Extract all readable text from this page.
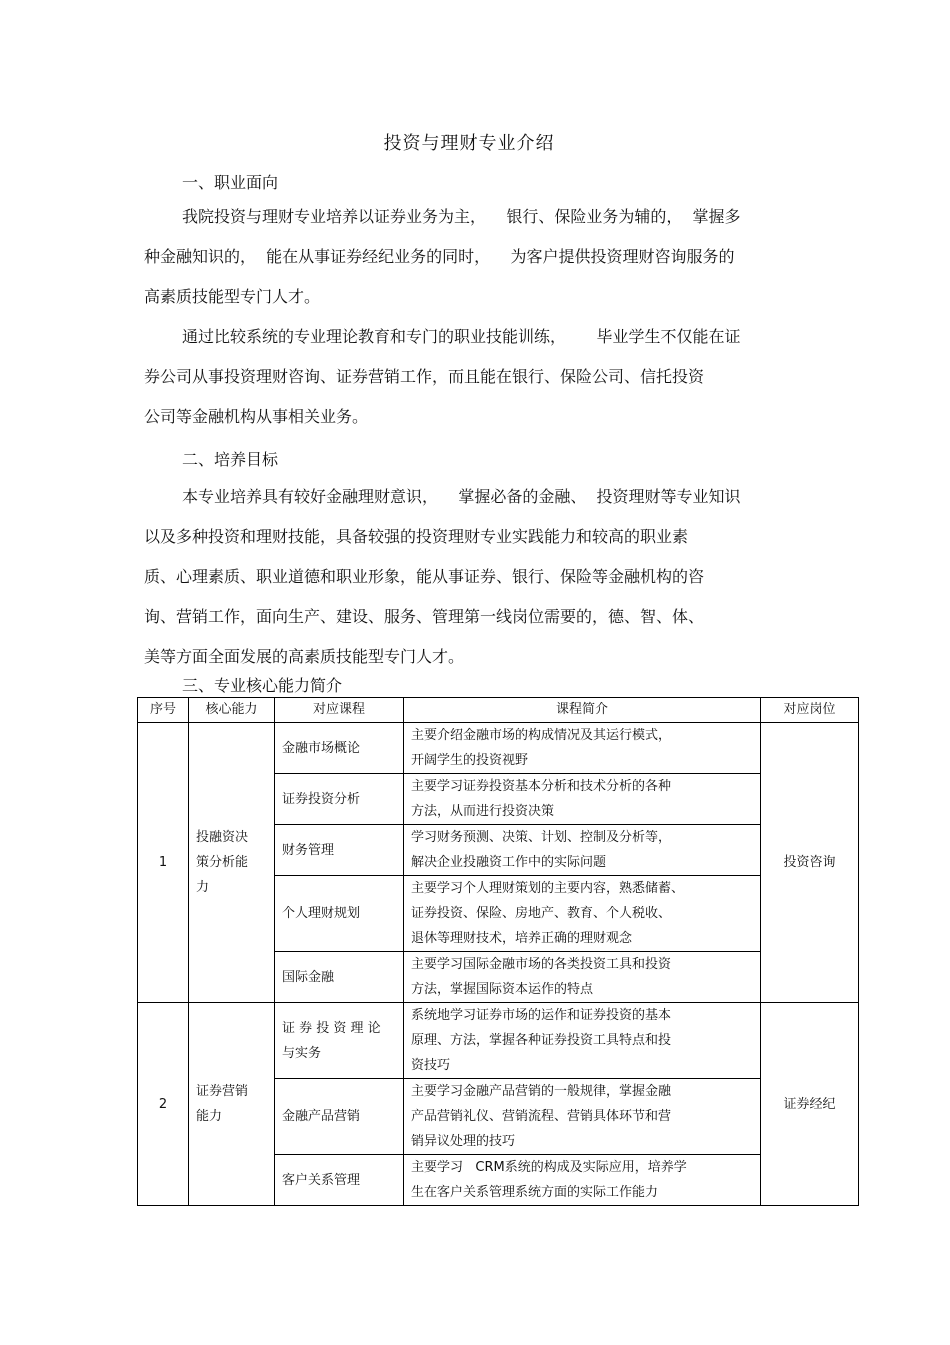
投资与理财专业介绍
一、职业面向
我院投资与理财专业培养以证券业务为主，    银行、保险业务为辅的，  掌握多
种金融知识的，  能在从事证券经纪业务的同时，    为客户提供投资理财咨询服务的
高素质技能型专门人才。
通过比较系统的专业理论教育和专门的职业技能训练，      毕业学生不仅能在证
券公司从事投资理财咨询、证券营销工作，而且能在银行、保险公司、信托投资
公司等金融机构从事相关业务。
二、培养目标
本专业培养具有较好金融理财意识，    掌握必备的金融、  投资理财等专业知识
以及多种投资和理财技能，具备较强的投资理财专业实践能力和较高的职业素
质、心理素质、职业道德和职业形象，能从事证券、银行、保险等金融机构的咨
询、营销工作，面向生产、建设、服务、管理第一线岗位需要的，德、智、体、
美等方面全面发展的高素质技能型专门人才。
三、专业核心能力简介
序号	核心能力	对应课程	课程简介	对应岗位
1	投融资决
策分析能
力	金融市场概论	主要介绍金融市场的构成情况及其运行模式，
开阔学生的投资视野	投资咨询
		证券投资分析	主要学习证券投资基本分析和技术分析的各种
方法，从而进行投资决策	

		财务管理	学习财务预测、决策、计划、控制及分析等，
解决企业投融资工作中的实际问题	

		个人理财规划	主要学习个人理财策划的主要内容，熟悉储蓄、
证券投资、保险、房地产、教育、个人税收、
退休等理财技术，培养正确的理财观念	

		国际金融	主要学习国际金融市场的各类投资工具和投资
方法，掌握国际资本运作的特点	

2	证券营销
能力	证 券 投 资 理 论
与实务	系统地学习证券市场的运作和证券投资的基本
原理、方法，掌握各种证券投资工具特点和投
资技巧	证券经纪
		金融产品营销	主要学习金融产品营销的一般规律，掌握金融
产品营销礼仪、营销流程、营销具体环节和营
销异议处理的技巧	

		客户关系管理	主要学习   CRM系统的构成及实际应用，培养学
生在客户关系管理系统方面的实际工作能力	
